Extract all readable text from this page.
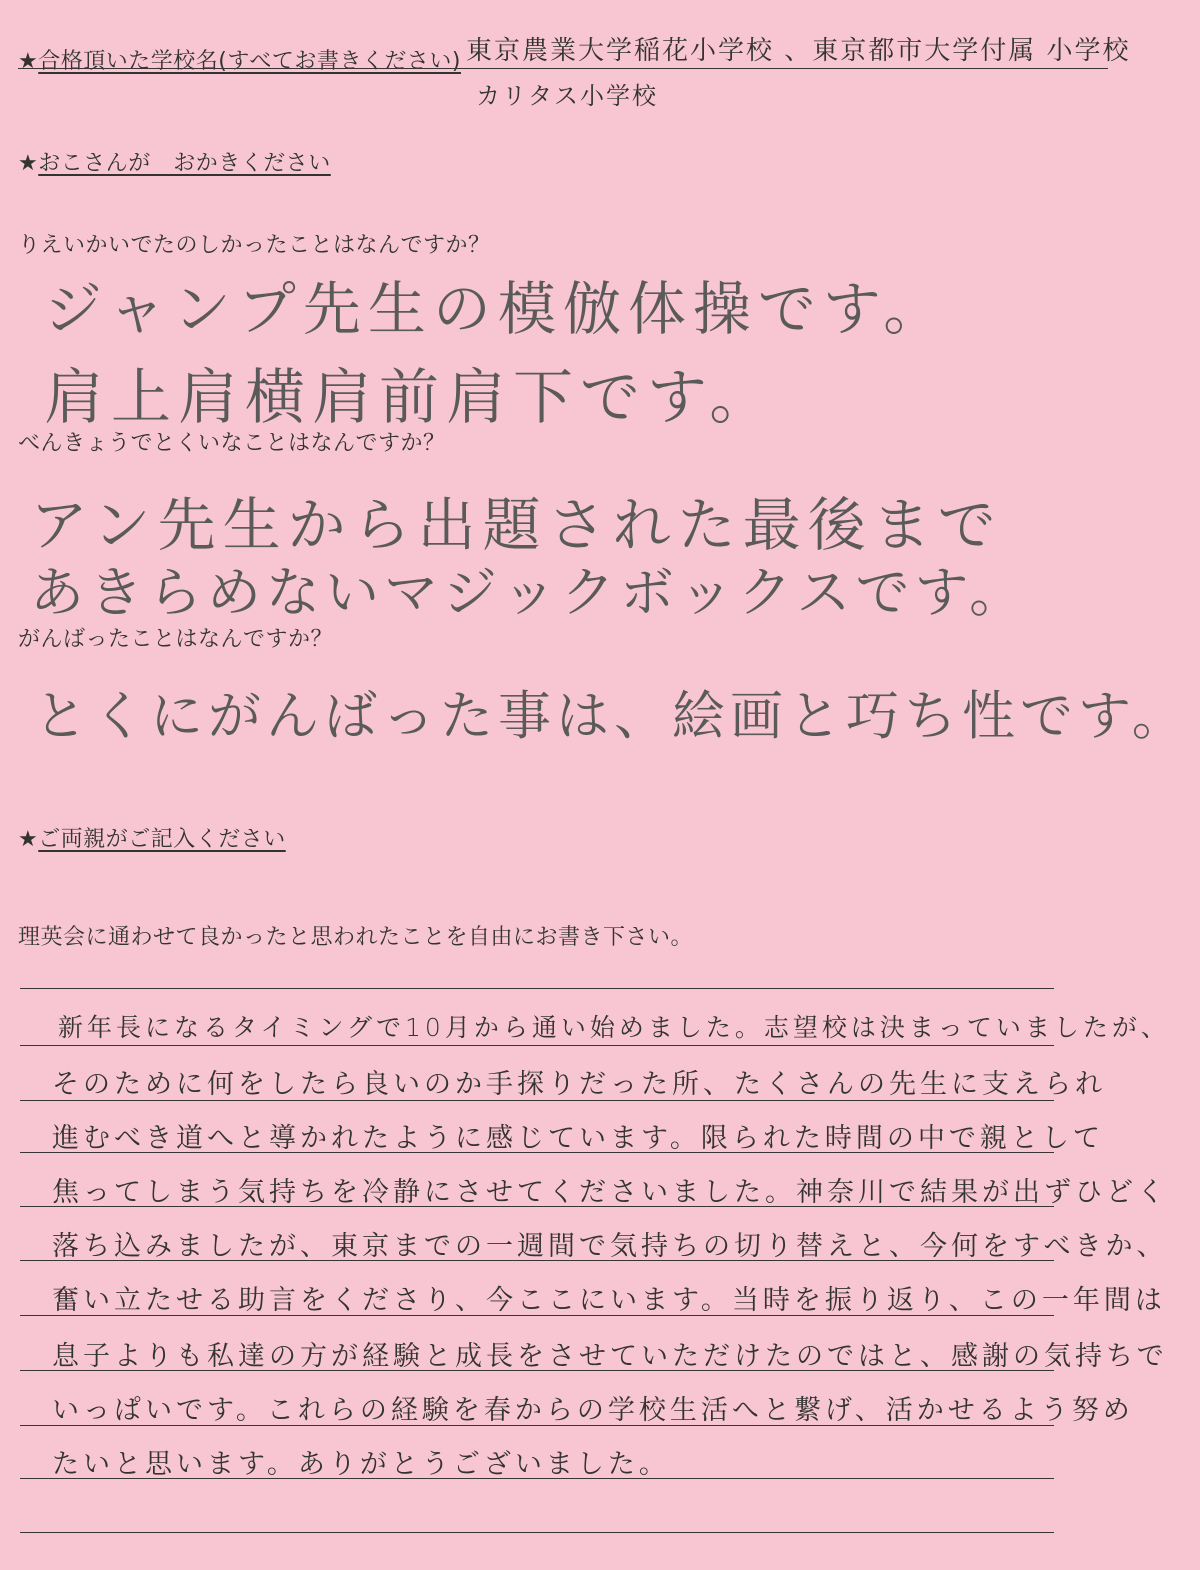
★合格頂いた学校名(すべてお書きください) 東京農業大学稲花小学校 、東京都市大学付属 小学校
カリタス小学校
★おこさんが　おかきください
りえいかいでたのしかったことはなんですか？
ジャンプ先生の模倣体操です。
肩上肩横肩前肩下です。
べんきょうでとくいなことはなんですか？
アン先生から出題された最後まで
あきらめないマジックボックスです。
がんばったことはなんですか？
とくにがんばった事は、絵画と巧ち性です。
★ご両親がご記入ください
理英会に通わせて良かったと思われたことを自由にお書き下さい。
新年長になるタイミングで10月から通い始めました。志望校は決まっていましたが、
そのために何をしたら良いのか手探りだった所、たくさんの先生に支えられ
進むべき道へと導かれたように感じています。限られた時間の中で親として
焦ってしまう気持ちを冷静にさせてくださいました。神奈川で結果が出ずひどく
落ち込みましたが、東京までの一週間で気持ちの切り替えと、今何をすべきか、
奮い立たせる助言をくださり、今ここにいます。当時を振り返り、この一年間は
息子よりも私達の方が経験と成長をさせていただけたのではと、感謝の気持ちで
いっぱいです。これらの経験を春からの学校生活へと繋げ、活かせるよう努め
たいと思います。ありがとうございました。
